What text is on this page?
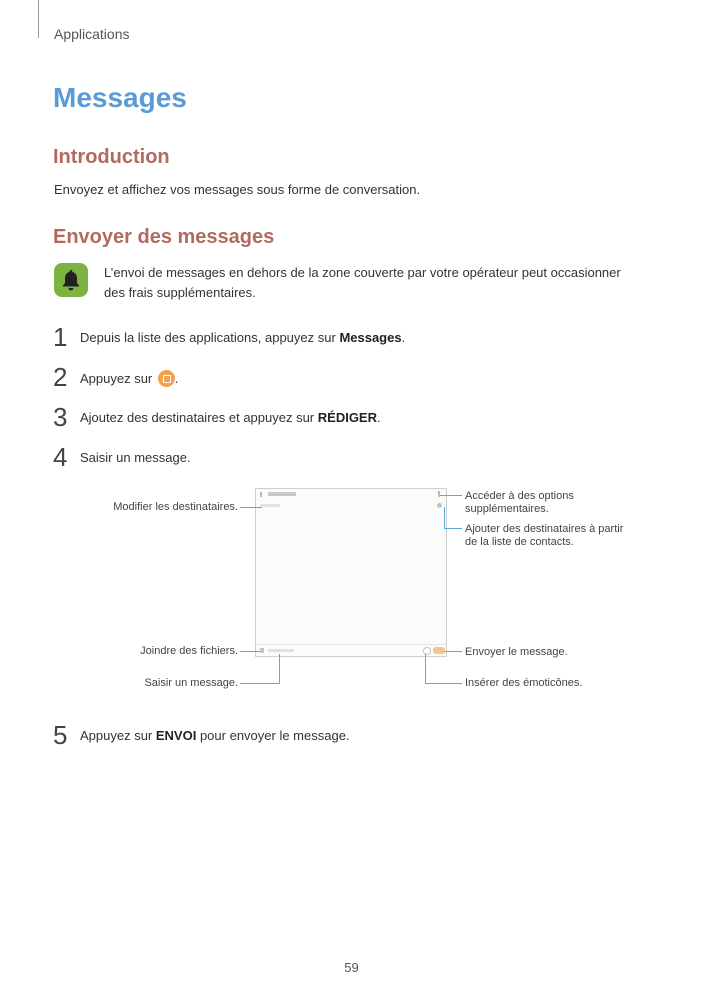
Applications
Messages
Introduction
Envoyez et affichez vos messages sous forme de conversation.
Envoyer des messages
L’envoi de messages en dehors de la zone couverte par votre opérateur peut occasionner des frais supplémentaires.
1 Depuis la liste des applications, appuyez sur Messages.
2 Appuyez sur .
3 Ajoutez des destinataires et appuyez sur RÉDIGER.
4 Saisir un message.
Modifier les destinataires.
Accéder à des options supplémentaires.
Ajouter des destinataires à partir de la liste de contacts.
Joindre des fichiers.	Envoyer le message.
Saisir un message.	Insérer des émoticônes.
5 Appuyez sur ENVOI pour envoyer le message.
59
